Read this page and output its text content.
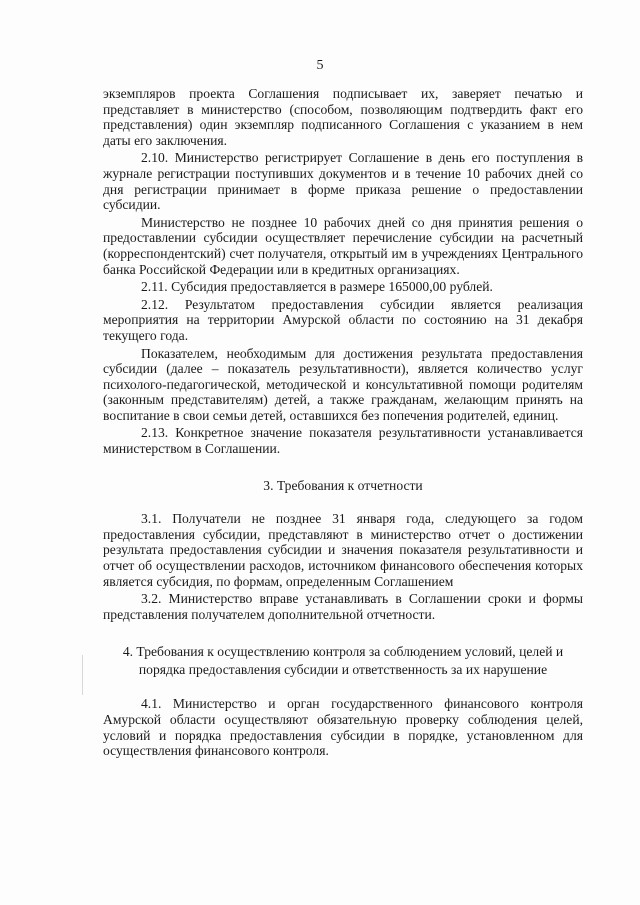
5

экземпляров проекта Соглашения подписывает их, заверяет печатью и представляет в министерство (способом, позволяющим подтвердить факт его представления) один экземпляр подписанного Соглашения с указанием в нем даты его заключения.

2.10. Министерство регистрирует Соглашение в день его поступления в журнале регистрации поступивших документов и в течение 10 рабочих дней со дня регистрации принимает в форме приказа решение о предоставлении субсидии.

Министерство не позднее 10 рабочих дней со дня принятия решения о предоставлении субсидии осуществляет перечисление субсидии на расчетный (корреспондентский) счет получателя, открытый им в учреждениях Центрального банка Российской Федерации или в кредитных организациях.

2.11. Субсидия предоставляется в размере 165000,00 рублей.

2.12. Результатом предоставления субсидии является реализация мероприятия на территории Амурской области по состоянию на 31 декабря текущего года.

Показателем, необходимым для достижения результата предоставления субсидии (далее – показатель результативности), является количество услуг психолого-педагогической, методической и консультативной помощи родителям (законным представителям) детей, а также гражданам, желающим принять на воспитание в свои семьи детей, оставшихся без попечения родителей, единиц.

2.13. Конкретное значение показателя результативности устанавливается министерством в Соглашении.

3. Требования к отчетности

3.1. Получатели не позднее 31 января года, следующего за годом предоставления субсидии, представляют в министерство отчет о достижении результата предоставления субсидии и значения показателя результативности и отчет об осуществлении расходов, источником финансового обеспечения которых является субсидия, по формам, определенным Соглашением

3.2. Министерство вправе устанавливать в Соглашении сроки и формы представления получателем дополнительной отчетности.

4. Требования к осуществлению контроля за соблюдением условий, целей и порядка предоставления субсидии и ответственность за их нарушение

4.1. Министерство и орган государственного финансового контроля Амурской области осуществляют обязательную проверку соблюдения целей, условий и порядка предоставления субсидии в порядке, установленном для осуществления финансового контроля.
